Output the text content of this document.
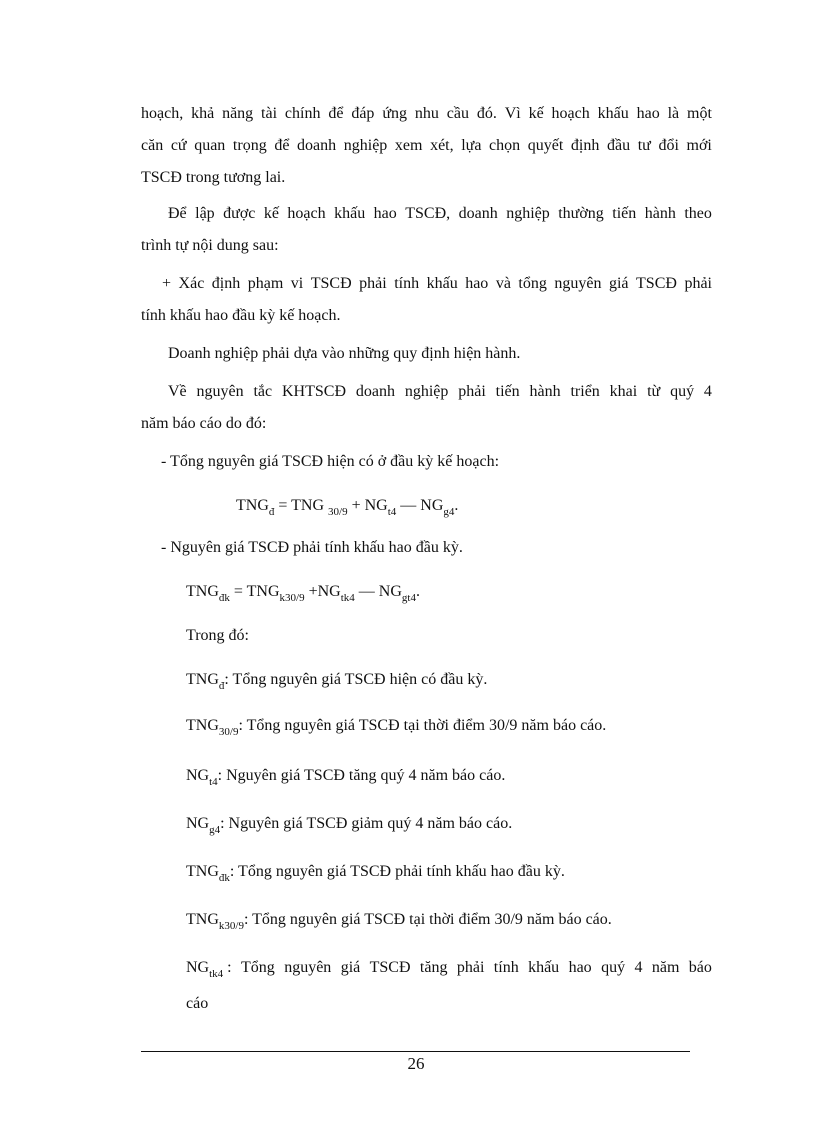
hoạch, khả năng tài chính để đáp ứng nhu cầu đó. Vì kế hoạch khấu hao là một
căn cứ quan trọng để doanh nghiệp xem xét, lựa chọn quyết định đầu tư đổi mới
TSCĐ trong tương lai.
Để lập được kế hoạch khấu hao TSCĐ, doanh nghiệp thường tiến hành theo
trình tự nội dung sau:
+ Xác định phạm vi TSCĐ phải tính khấu hao và tổng nguyên giá TSCĐ phải
tính khấu hao đầu kỳ kế hoạch.
Doanh nghiệp phải dựa vào những quy định hiện hành.
Về nguyên tắc KHTSCĐ doanh nghiệp phải tiến hành triển khai từ quý 4
năm báo cáo do đó:
- Tổng nguyên giá TSCĐ hiện có ở đầu kỳ kế hoạch:
$TNG_đ$ = TNG $_{30/9} + NG_{t4}$ — $NG_{g4}$.
- Nguyên giá TSCĐ phải tính khấu hao đầu kỳ.
$TNG_{đk} = TNG_{k30/9} +NG_{tk4}$ — $NG_{gt4}$.
Trong đó:
$TNG_đ$: Tổng nguyên giá TSCĐ hiện có đầu kỳ.
$TNG_{30/9}$: Tổng nguyên giá TSCĐ tại thời điểm 30/9 năm báo cáo.
$NG_{t4}$: Nguyên giá TSCĐ tăng quý 4 năm báo cáo.
$NG_{g4}$: Nguyên giá TSCĐ giảm quý 4 năm báo cáo.
$TNG_{đk}$: Tổng nguyên giá TSCĐ phải tính khấu hao đầu kỳ.
$TNG_{k30/9}$: Tổng nguyên giá TSCĐ tại thời điểm 30/9 năm báo cáo.
$NG_{tk4}$ : Tổng nguyên giá TSCĐ tăng phải tính khấu hao quý 4 năm báo
cáo
26
